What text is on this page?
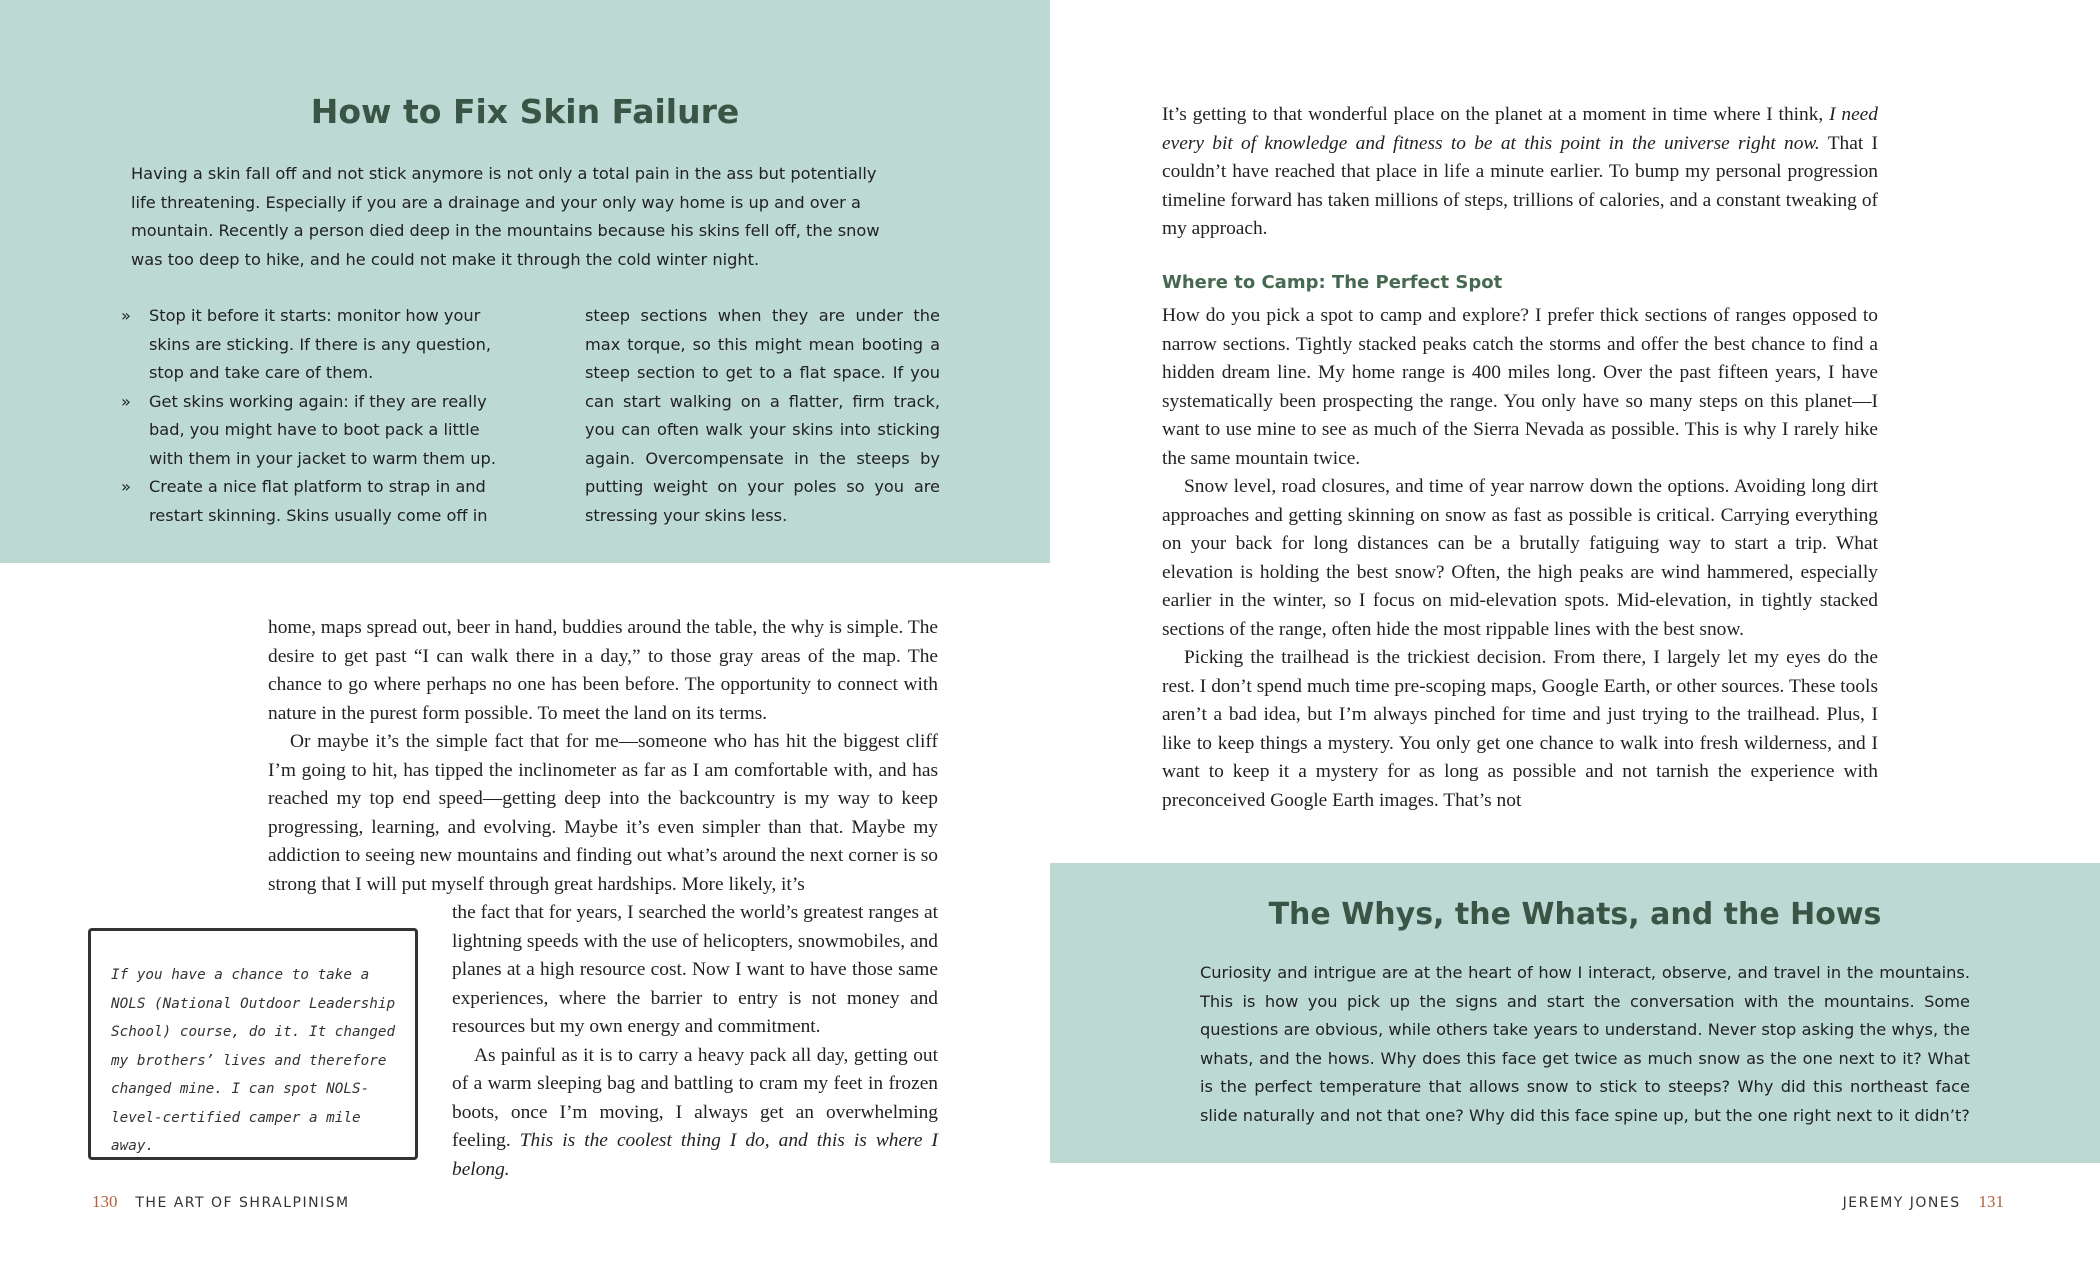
How to Fix Skin Failure

Having a skin fall off and not stick anymore is not only a total pain in the ass but potentially life threatening. Especially if you are a drainage and your only way home is up and over a mountain. Recently a person died deep in the mountains because his skins fell off, the snow was too deep to hike, and he could not make it through the cold winter night.

» Stop it before it starts: monitor how your skins are sticking. If there is any question, stop and take care of them.
» Get skins working again: if they are really bad, you might have to boot pack a little with them in your jacket to warm them up.
» Create a nice flat platform to strap in and restart skinning. Skins usually come off in

steep sections when they are under the max torque, so this might mean booting a steep section to get to a flat space. If you can start walking on a flatter, firm track, you can often walk your skins into sticking again. Overcompensate in the steeps by putting weight on your poles so you are stressing your skins less.

home, maps spread out, beer in hand, buddies around the table, the why is simple. The desire to get past “I can walk there in a day,” to those gray areas of the map. The chance to go where perhaps no one has been before. The opportunity to connect with nature in the purest form possible. To meet the land on its terms.

Or maybe it’s the simple fact that for me—someone who has hit the biggest cliff I’m going to hit, has tipped the inclinometer as far as I am comfortable with, and has reached my top end speed—getting deep into the backcountry is my way to keep progressing, learning, and evolving. Maybe it’s even simpler than that. Maybe my addiction to seeing new mountains and finding out what’s around the next corner is so strong that I will put myself through great hardships. More likely, it’s

the fact that for years, I searched the world’s greatest ranges at lightning speeds with the use of helicopters, snowmobiles, and planes at a high resource cost. Now I want to have those same experiences, where the barrier to entry is not money and resources but my own energy and commitment.

As painful as it is to carry a heavy pack all day, getting out of a warm sleeping bag and battling to cram my feet in frozen boots, once I’m moving, I always get an overwhelming feeling. This is the coolest thing I do, and this is where I belong.

If you have a chance to take a NOLS (National Outdoor Leadership School) course, do it. It changed my brothers’ lives and therefore changed mine. I can spot NOLS-level-certified camper a mile away.

130 THE ART OF SHRALPINISM

It’s getting to that wonderful place on the planet at a moment in time where I think, I need every bit of knowledge and fitness to be at this point in the universe right now. That I couldn’t have reached that place in life a minute earlier. To bump my personal progression timeline forward has taken millions of steps, trillions of calories, and a constant tweaking of my approach.

Where to Camp: The Perfect Spot

How do you pick a spot to camp and explore? I prefer thick sections of ranges opposed to narrow sections. Tightly stacked peaks catch the storms and offer the best chance to find a hidden dream line. My home range is 400 miles long. Over the past fifteen years, I have systematically been prospecting the range. You only have so many steps on this planet—I want to use mine to see as much of the Sierra Nevada as possible. This is why I rarely hike the same mountain twice.

Snow level, road closures, and time of year narrow down the options. Avoiding long dirt approaches and getting skinning on snow as fast as possible is critical. Carrying everything on your back for long distances can be a brutally fatiguing way to start a trip. What elevation is holding the best snow? Often, the high peaks are wind hammered, especially earlier in the winter, so I focus on mid-elevation spots. Mid-elevation, in tightly stacked sections of the range, often hide the most rippable lines with the best snow.

Picking the trailhead is the trickiest decision. From there, I largely let my eyes do the rest. I don’t spend much time pre-scoping maps, Google Earth, or other sources. These tools aren’t a bad idea, but I’m always pinched for time and just trying to the trailhead. Plus, I like to keep things a mystery. You only get one chance to walk into fresh wilderness, and I want to keep it a mystery for as long as possible and not tarnish the experience with preconceived Google Earth images. That’s not

The Whys, the Whats, and the Hows

Curiosity and intrigue are at the heart of how I interact, observe, and travel in the mountains. This is how you pick up the signs and start the conversation with the mountains. Some questions are obvious, while others take years to understand. Never stop asking the whys, the whats, and the hows. Why does this face get twice as much snow as the one next to it? What is the perfect temperature that allows snow to stick to steeps? Why did this northeast face slide naturally and not that one? Why did this face spine up, but the one right next to it didn’t?

JEREMY JONES 131
